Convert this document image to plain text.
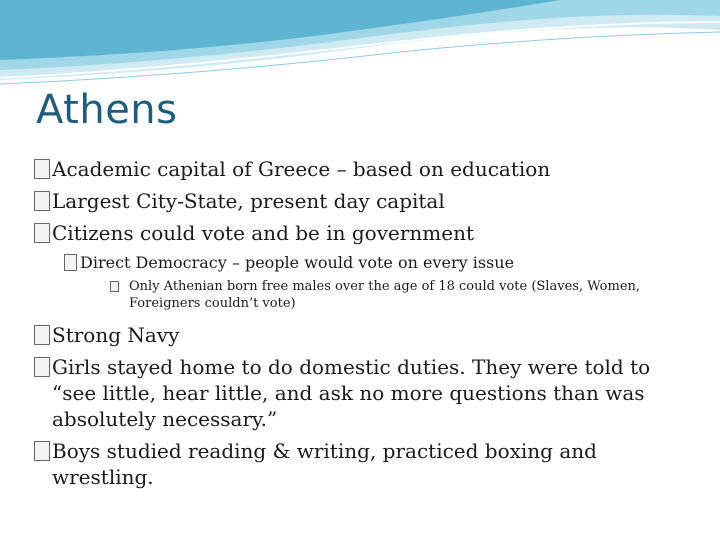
Athens
Academic capital of Greece – based on education
Largest City-State, present day capital
Citizens could vote and be in government
Direct Democracy – people would vote on every issue
Only Athenian born free males over the age of 18 could vote (Slaves, Women, Foreigners couldn’t vote)
Strong Navy
Girls stayed home to do domestic duties. They were told to “see little, hear little, and ask no more questions than was absolutely necessary.”
Boys studied reading & writing, practiced boxing and wrestling.
